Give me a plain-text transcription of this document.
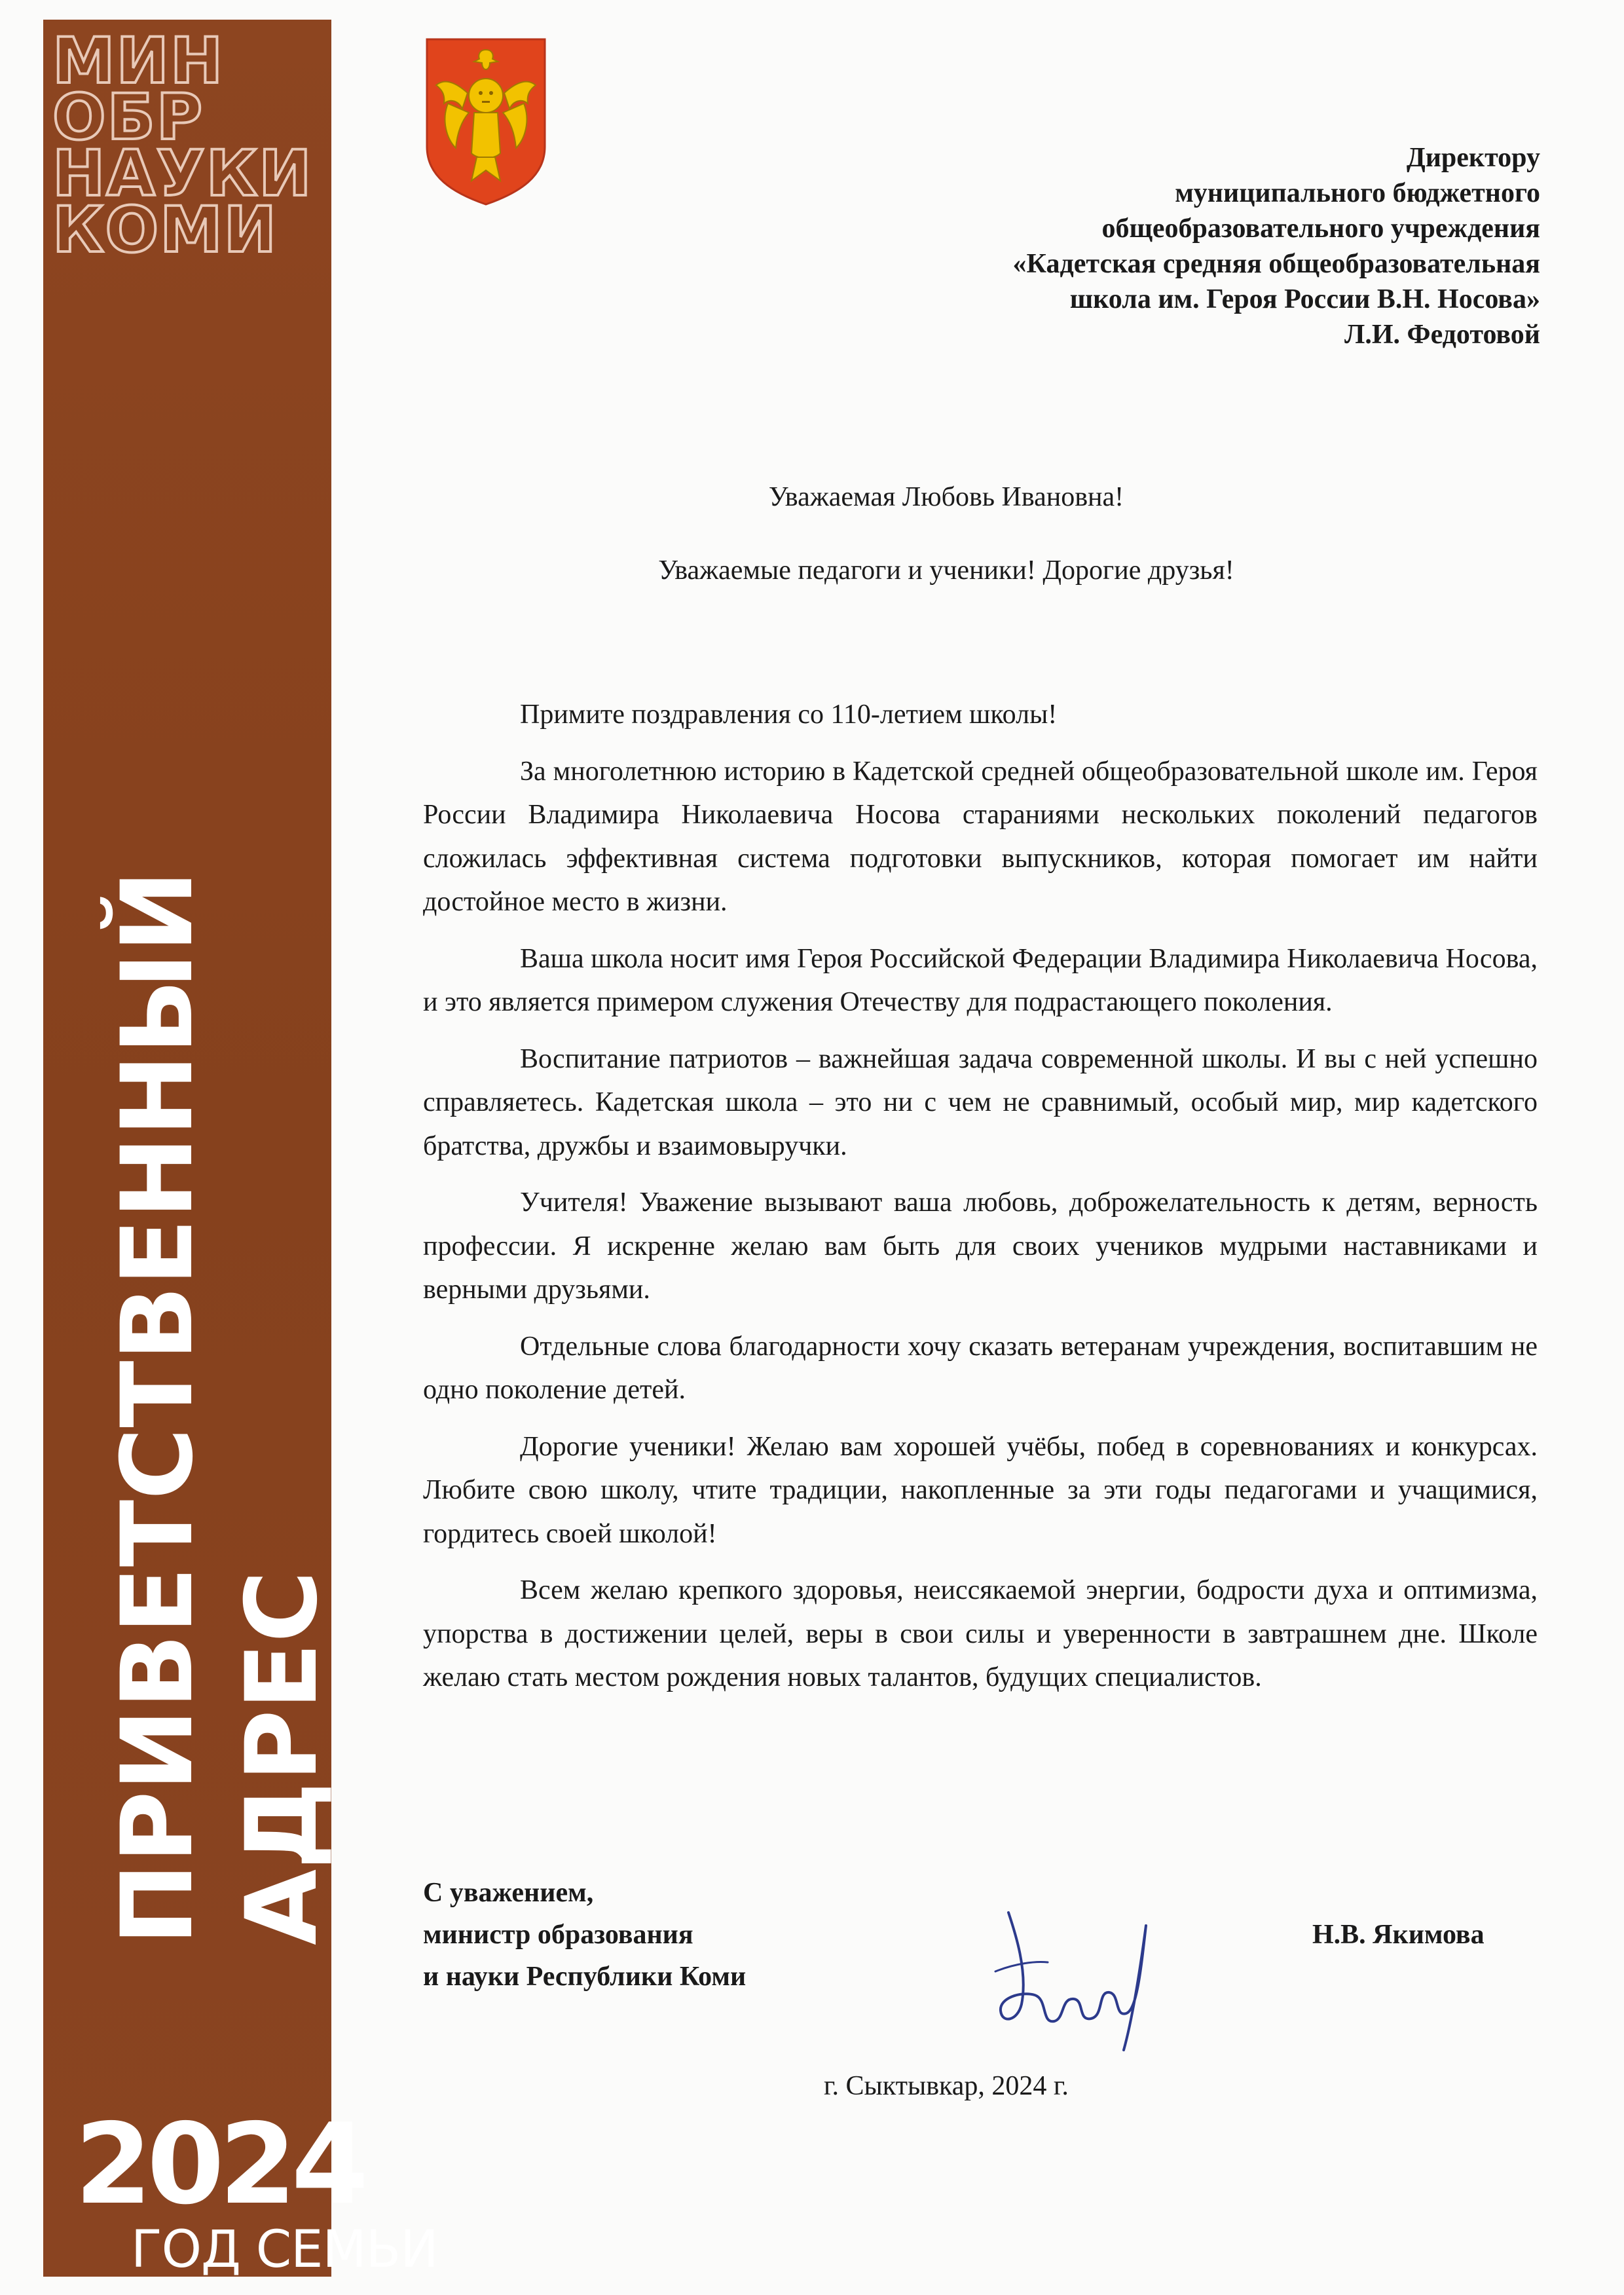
МИН
ОБР
НАУКИ
КОМИ
ПРИВЕТСТВЕННЫЙ АДРЕС
2024
ГОД СЕМЬИ
Директору
муниципального бюджетного
общеобразовательного учреждения
«Кадетская средняя общеобразовательная
школа им. Героя России В.Н. Носова»
Л.И. Федотовой
Уважаемая Любовь Ивановна!
Уважаемые педагоги и ученики! Дорогие друзья!

Примите поздравления со 110-летием школы!

За многолетнюю историю в Кадетской средней общеобразовательной школе им. Героя России Владимира Николаевича Носова стараниями нескольких поколений педагогов сложилась эффективная система подготовки выпускников, которая помогает им найти достойное место в жизни.

Ваша школа носит имя Героя Российской Федерации Владимира Николаевича Носова, и это является примером служения Отечеству для подрастающего поколения.

Воспитание патриотов – важнейшая задача современной школы. И вы с ней успешно справляетесь. Кадетская школа – это ни с чем не сравнимый, особый мир, мир кадетского братства, дружбы и взаимовыручки.

Учителя! Уважение вызывают ваша любовь, доброжелательность к детям, верность профессии. Я искренне желаю вам быть для своих учеников мудрыми наставниками и верными друзьями.

Отдельные слова благодарности хочу сказать ветеранам учреждения, воспитавшим не одно поколение детей.

Дорогие ученики! Желаю вам хорошей учёбы, побед в соревнованиях и конкурсах. Любите свою школу, чтите традиции, накопленные за эти годы педагогами и учащимися, гордитесь своей школой!

Всем желаю крепкого здоровья, неиссякаемой энергии, бодрости духа и оптимизма, упорства в достижении целей, веры в свои силы и уверенности в завтрашнем дне. Школе желаю стать местом рождения новых талантов, будущих специалистов.

С уважением,
министр образования
и науки Республики Коми
Н.В. Якимова
г. Сыктывкар, 2024 г.
